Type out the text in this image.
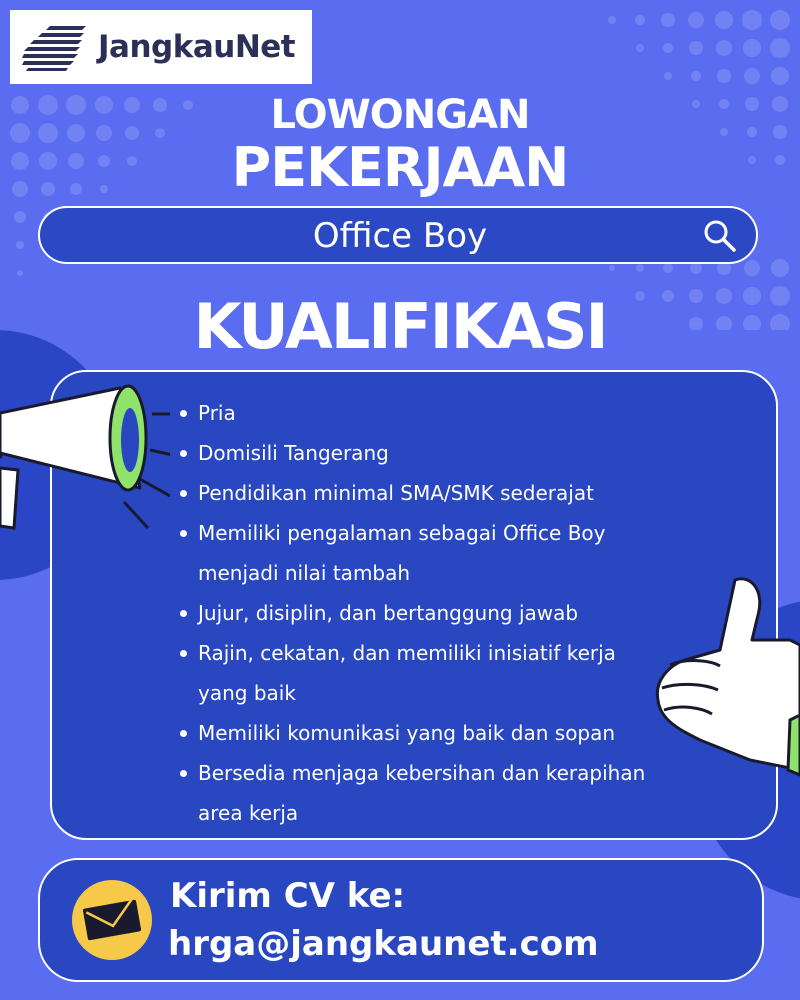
JangkauNet
LOWONGAN
PEKERJAAN
Office Boy
KUALIFIKASI
Pria
Domisili Tangerang
Pendidikan minimal SMA/SMK sederajat
Memiliki pengalaman sebagai Office Boy menjadi nilai tambah
Jujur, disiplin, dan bertanggung jawab
Rajin, cekatan, dan memiliki inisiatif kerja yang baik
Memiliki komunikasi yang baik dan sopan
Bersedia menjaga kebersihan dan kerapihan area kerja
Kirim CV ke:
hrga@jangkaunet.com
